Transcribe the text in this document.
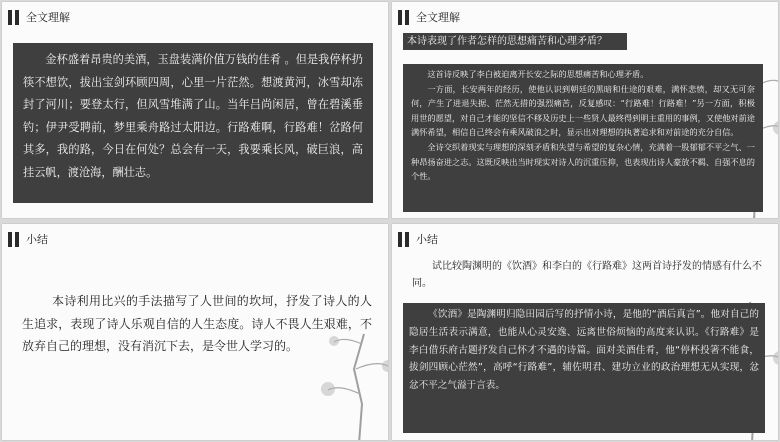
全文理解
金杯盛着昂贵的美酒，玉盘装满价值万钱的佳肴 。但是我停杯扔筷不想饮，拔出宝剑环顾四周，心里一片茫然。想渡黄河，冰雪却冻封了河川；要登太行，但风雪堆满了山。当年吕尚闲居，曾在碧溪垂钓；伊尹受聘前，梦里乘舟路过太阳边。行路难啊，行路难！岔路何其多，我的路，今日在何处？总会有一天，我要乘长风，破巨浪，高挂云帆，渡沧海，酬壮志。
全文理解
本诗表现了作者怎样的思想痛苦和心理矛盾？

这首诗反映了李白被迫离开长安之际的思想痛苦和心理矛盾。

一方面，长安两年的经历，使他认识到朝廷的黑暗和仕途的艰难，满怀悲愤，却又无可奈何，产生了进退失据、茫然无措的强烈痛苦，反复感叹：“行路难！行路难！”另一方面，积极用世的愿望，对自己才能的坚信不移及历史上一些贤人最终得到明主重用的事例，又使他对前途满怀希望，相信自己终会有乘风破浪之时，显示出对理想的执著追求和对前途的充分自信。

全诗交织着现实与理想的深刻矛盾和失望与希望的复杂心情，充满着一股郁郁不平之气、一种昂扬奋进之志。这既反映出当时现实对诗人的沉重压抑，也表现出诗人豪放不羁、自强不息的个性。

小结
本诗利用比兴的手法描写了人世间的坎坷，抒发了诗人的人生追求，表现了诗人乐观自信的人生态度。诗人不畏人生艰难，不放弃自己的理想，没有消沉下去，是令世人学习的。
小结
试比较陶渊明的《饮酒》和李白的《行路难》这两首诗抒发的情感有什么不同。
《饮酒》是陶渊明归隐田园后写的抒情小诗，是他的“酒后真言”。他对自己的隐居生活表示满意，也能从心灵安逸、远离世俗烦恼的高度来认识。《行路难》是李白借乐府古题抒发自己怀才不遇的诗篇。面对美酒佳肴，他“停杯投箸不能食，拔剑四顾心茫然”，高呼“行路难”，辅佐明君、建功立业的政治理想无从实现，忿忿不平之气溢于言表。
